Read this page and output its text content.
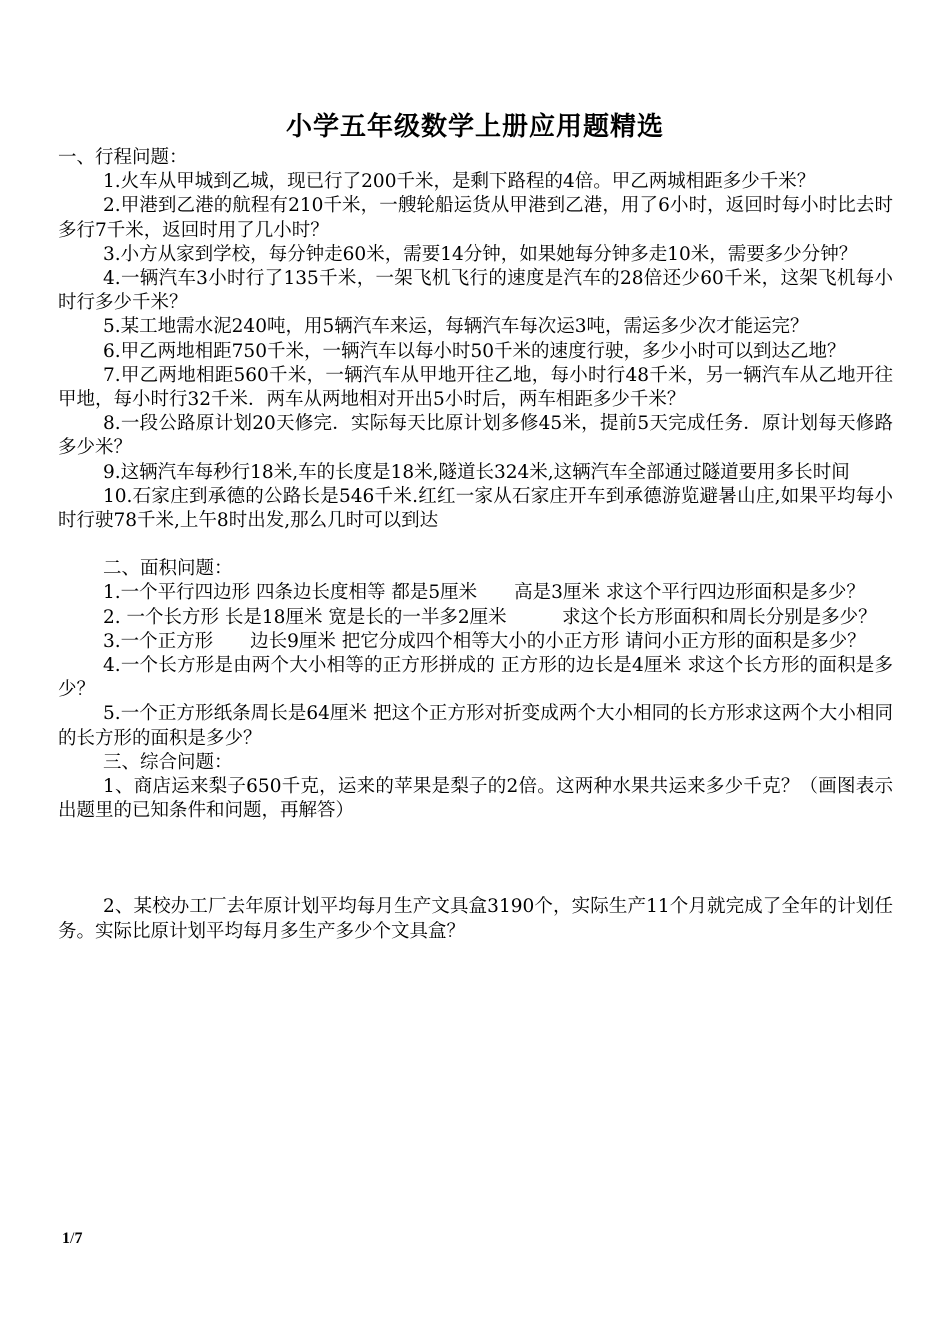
小学五年级数学上册应用题精选

一、行程问题：

1.火车从甲城到乙城，现已行了200千米，是剩下路程的4倍。甲乙两城相距多少千米？

2.甲港到乙港的航程有210千米，一艘轮船运货从甲港到乙港，用了6小时，返回时每小时比去时多行7千米，返回时用了几小时？

3.小方从家到学校，每分钟走60米，需要14分钟，如果她每分钟多走10米，需要多少分钟？

4.一辆汽车3小时行了135千米，一架飞机飞行的速度是汽车的28倍还少60千米，这架飞机每小时行多少千米？

5.某工地需水泥240吨，用5辆汽车来运，每辆汽车每次运3吨，需运多少次才能运完？

6.甲乙两地相距750千米，一辆汽车以每小时50千米的速度行驶，多少小时可以到达乙地？

7.甲乙两地相距560千米，一辆汽车从甲地开往乙地，每小时行48千米，另一辆汽车从乙地开往甲地，每小时行32千米．两车从两地相对开出5小时后，两车相距多少千米？

8.一段公路原计划20天修完．实际每天比原计划多修45米，提前5天完成任务．原计划每天修路多少米？

9.这辆汽车每秒行18米,车的长度是18米,隧道长324米,这辆汽车全部通过隧道要用多长时间

10.石家庄到承德的公路长是546千米.红红一家从石家庄开车到承德游览避暑山庄,如果平均每小时行驶78千米,上午8时出发,那么几时可以到达

二、面积问题：

1.一个平行四边形 四条边长度相等 都是5厘米　　高是3厘米 求这个平行四边形面积是多少？

2. 一个长方形 长是18厘米 宽是长的一半多2厘米　　　求这个长方形面积和周长分别是多少？

3.一个正方形　　边长9厘米 把它分成四个相等大小的小正方形 请问小正方形的面积是多少？

4.一个长方形是由两个大小相等的正方形拼成的 正方形的边长是4厘米 求这个长方形的面积是多少？

5.一个正方形纸条周长是64厘米 把这个正方形对折变成两个大小相同的长方形求这两个大小相同的长方形的面积是多少？

三、综合问题：

1、商店运来梨子650千克，运来的苹果是梨子的2倍。这两种水果共运来多少千克？（画图表示出题里的已知条件和问题，再解答）

2、某校办工厂去年原计划平均每月生产文具盒3190个，实际生产11个月就完成了全年的计划任务。实际比原计划平均每月多生产多少个文具盒？

1/7
